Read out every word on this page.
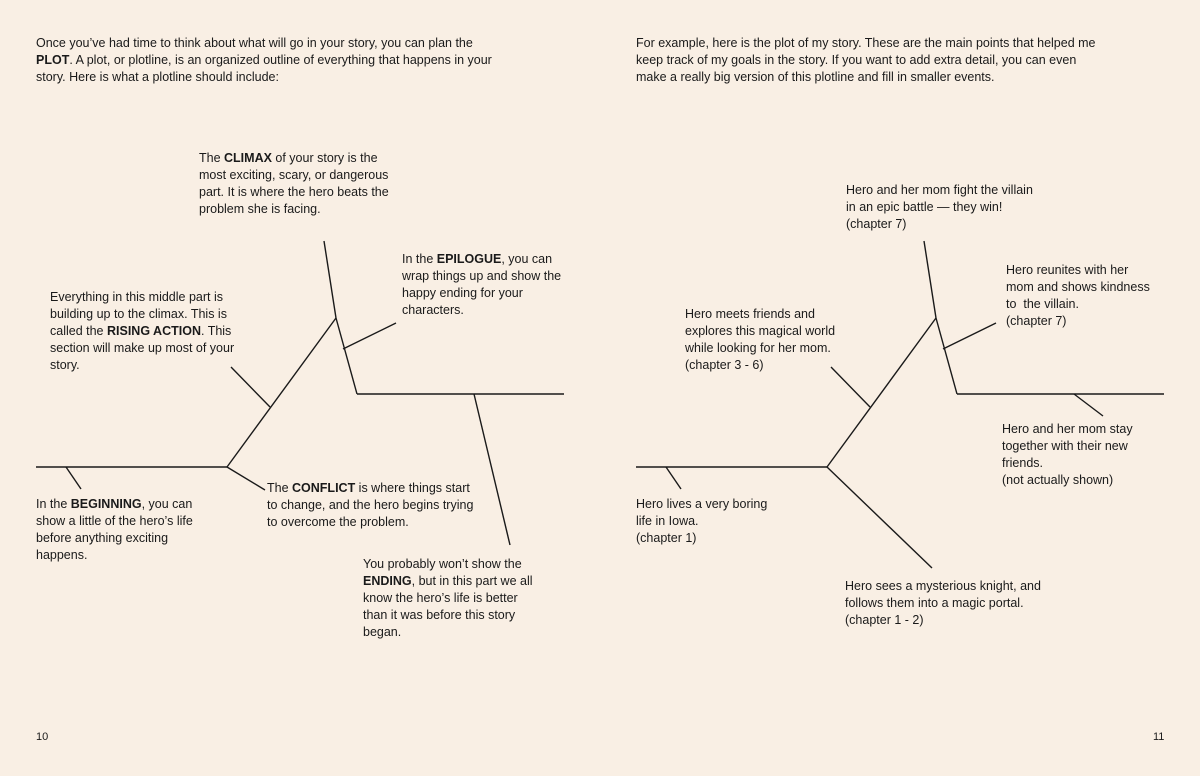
Once you’ve had time to think about what will go in your story, you can plan the PLOT. A plot, or plotline, is an organized outline of everything that happens in your story. Here is what a plotline should include:

The CLIMAX of your story is the most exciting, scary, or dangerous part. It is where the hero beats the problem she is facing.

In the EPILOGUE, you can wrap things up and show the happy ending for your characters.

Everything in this middle part is building up to the climax. This is called the RISING ACTION. This section will make up most of your story.

In the BEGINNING, you can show a little of the hero’s life before anything exciting happens.

The CONFLICT is where things start to change, and the hero begins trying to overcome the problem.

You probably won’t show the ENDING, but in this part we all know the hero’s life is better than it was before this story began.

10

For example, here is the plot of my story. These are the main points that helped me keep track of my goals in the story. If you want to add extra detail, you can even make a really big version of this plotline and fill in smaller events.

Hero and her mom fight the villain
in an epic battle — they win!
(chapter 7)

Hero reunites with her
mom and shows kindness
to  the villain.
(chapter 7)

Hero meets friends and
explores this magical world
while looking for her mom.
(chapter 3 - 6)

Hero and her mom stay
together with their new
friends.
(not actually shown)

Hero lives a very boring
life in Iowa.
(chapter 1)

Hero sees a mysterious knight, and
follows them into a magic portal.
(chapter 1 - 2)

11
